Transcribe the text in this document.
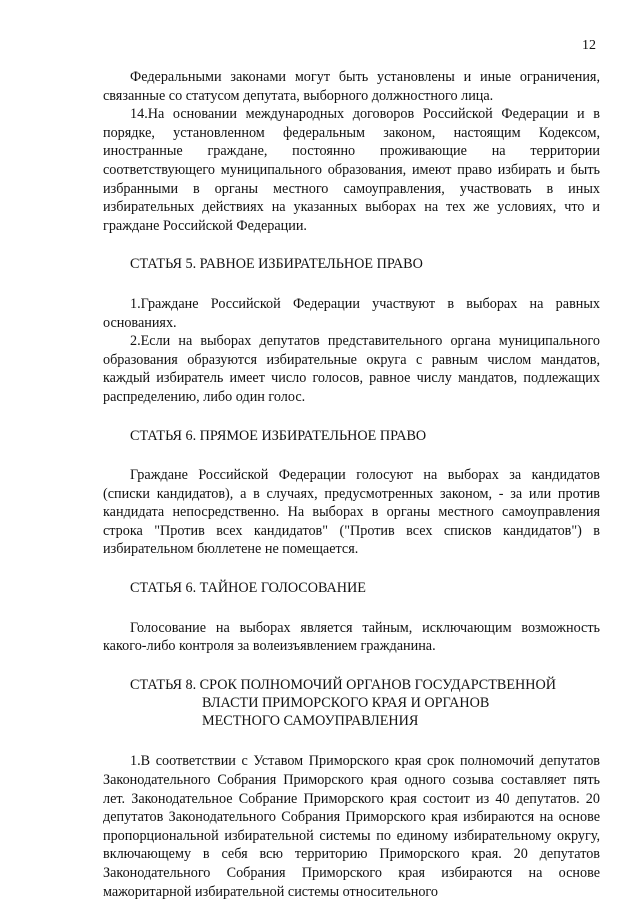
12

Федеральными законами могут быть установлены и иные ограничения, связанные со статусом депутата, выборного должностного лица.

14.На основании международных договоров Российской Федерации и в порядке, установленном федеральным законом, настоящим Кодексом, иностранные граждане, постоянно проживающие на территории соответствующего муниципального образования, имеют право избирать и быть избранными в органы местного самоуправления, участвовать в иных избирательных действиях на указанных выборах на тех же условиях, что и граждане Российской Федерации.

СТАТЬЯ 5. РАВНОЕ ИЗБИРАТЕЛЬНОЕ ПРАВО

1.Граждане Российской Федерации участвуют в выборах на равных основаниях.

2.Если на выборах депутатов представительного органа муниципального образования образуются избирательные округа с равным числом мандатов, каждый избиратель имеет число голосов, равное числу мандатов, подлежащих распределению, либо один голос.

СТАТЬЯ 6. ПРЯМОЕ ИЗБИРАТЕЛЬНОЕ ПРАВО

Граждане Российской Федерации голосуют на выборах за кандидатов (списки кандидатов), а в случаях, предусмотренных законом, - за или против кандидата непосредственно. На выборах в органы местного самоуправления строка "Против всех кандидатов" ("Против всех списков кандидатов") в избирательном бюллетене не помещается.

СТАТЬЯ 6. ТАЙНОЕ ГОЛОСОВАНИЕ

Голосование на выборах является тайным, исключающим возможность какого-либо контроля за волеизъявлением гражданина.

СТАТЬЯ 8. СРОК ПОЛНОМОЧИЙ ОРГАНОВ ГОСУДАРСТВЕННОЙ
ВЛАСТИ ПРИМОРСКОГО КРАЯ И ОРГАНОВ
МЕСТНОГО САМОУПРАВЛЕНИЯ

1.В соответствии с Уставом Приморского края срок полномочий депутатов Законодательного Собрания Приморского края одного созыва составляет пять лет. Законодательное Собрание Приморского края состоит из 40 депутатов. 20 депутатов Законодательного Собрания Приморского края избираются на основе пропорциональной избирательной системы по единому избирательному округу, включающему в себя всю территорию Приморского края. 20 депутатов Законодательного Собрания Приморского края избираются на основе мажоритарной избирательной системы относительного
